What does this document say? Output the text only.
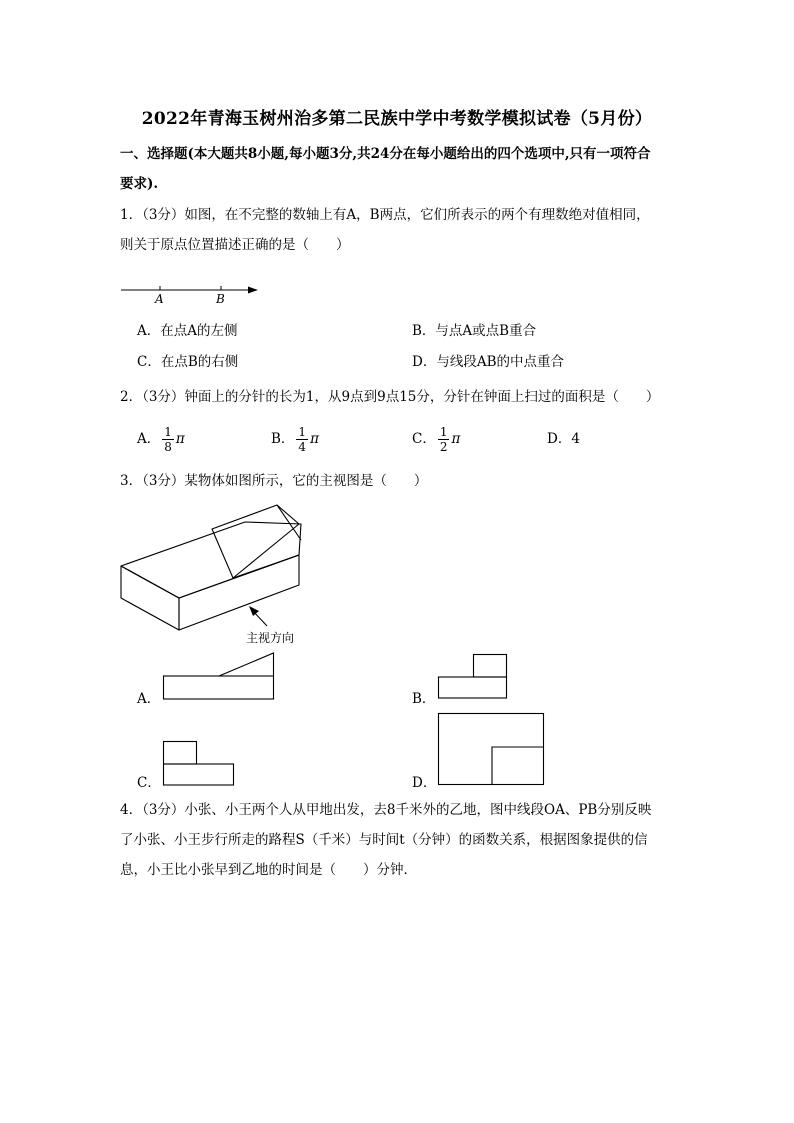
2022年青海玉树州治多第二民族中学中考数学模拟试卷（5月份）
一、选择题(本大题共8小题,每小题3分,共24分在每小题给出的四个选项中,只有一项符合
要求).
1．（3分）如图，在不完整的数轴上有A，B两点，它们所表示的两个有理数绝对值相同，
则关于原点位置描述正确的是（　　）
A	B
A．在点A的左侧	B．与点A或点B重合
C．在点B的右侧	D．与线段AB的中点重合
2．（3分）钟面上的分针的长为1，从9点到9点15分，分针在钟面上扫过的面积是（　　）
A． $\frac{1}{8}$ π	B． $\frac{1}{4}$ π	C． $\frac{1}{2}$ π	D．4
3．（3分）某物体如图所示，它的主视图是（　　）
主视方向
A．	B．
C．	D．
4．（3分）小张、小王两个人从甲地出发，去8千米外的乙地，图中线段OA、PB分别反映
了小张、小王步行所走的路程S（千米）与时间t（分钟）的函数关系，根据图象提供的信
息，小王比小张早到乙地的时间是（　　）分钟．
